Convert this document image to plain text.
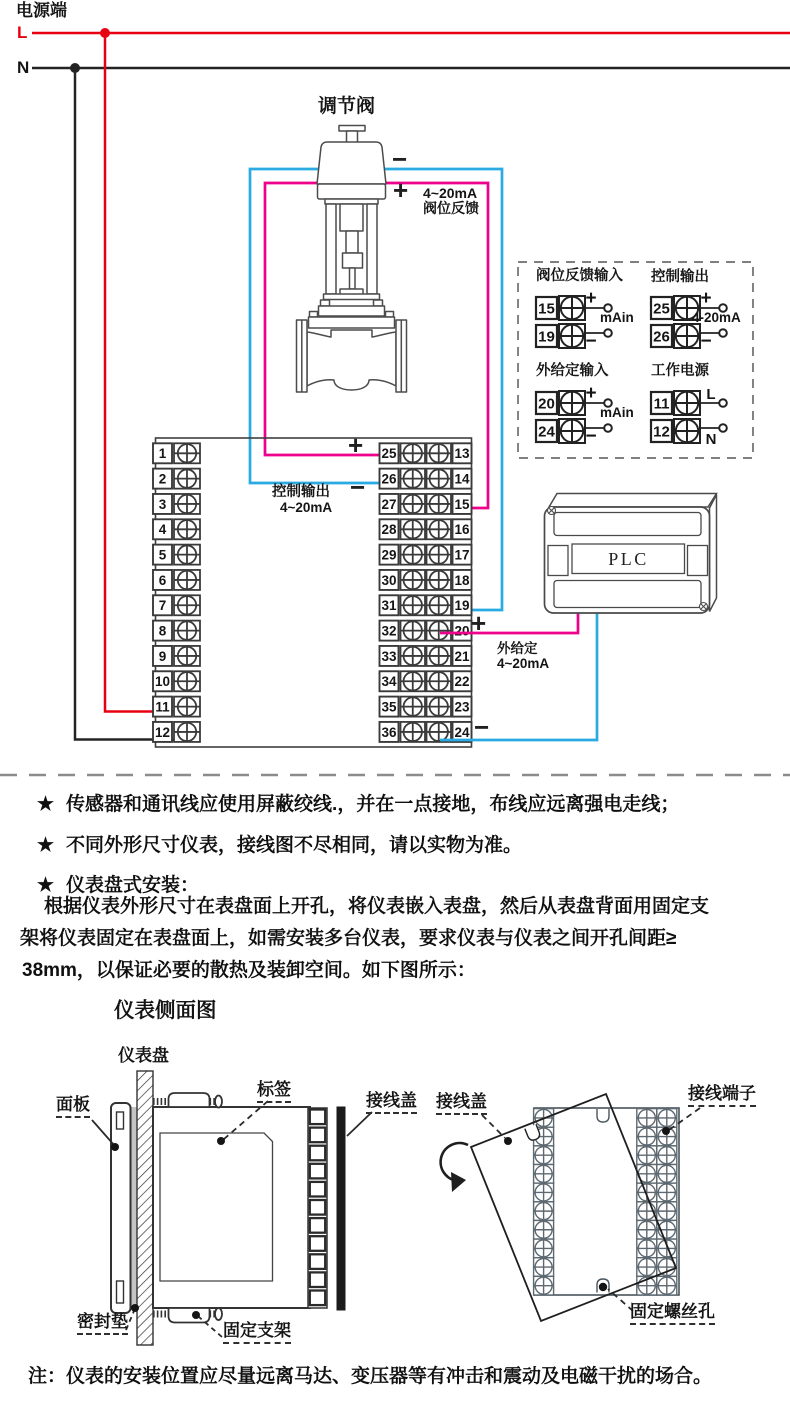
1
2
3
4
5
6
7
8
9
10
11
12
25	13
26	14
27	15
28	16
29	17
30	18
31	19
32	20
33	21
34	22
35	23
36	24
15 +
19 −
25 +
26 −
20 +
24 −
11
L
12 N
电源端
L
N
调节阀
−
+ 4~20mA
阀位反馈
+
−
控制输出
4~20mA
阀位反馈输入 控制输出
外给定输入	工作电源
mAin	4-20mA
mAin
PLC
+
外给定
4~20mA
−
★ 传感器和通讯线应使用屏蔽绞线.，并在一点接地，布线应远离强电走线；
★ 不同外形尺寸仪表，接线图不尽相同，请以实物为准。
★ 仪表盘式安装：
根据仪表外形尺寸在表盘面上开孔，将仪表嵌入表盘，然后从表盘背面用固定支
架将仪表固定在表盘面上，如需安装多台仪表，要求仪表与仪表之间开孔间距≥
38mm，以保证必要的散热及装卸空间。如下图所示：
仪表侧面图
注：仪表的安装位置应尽量远离马达、变压器等有冲击和震动及电磁干扰的场合。
仪表盘
面板
标签
接线盖
密封垫	固定支架
接线盖	接线端子
固定螺丝孔
